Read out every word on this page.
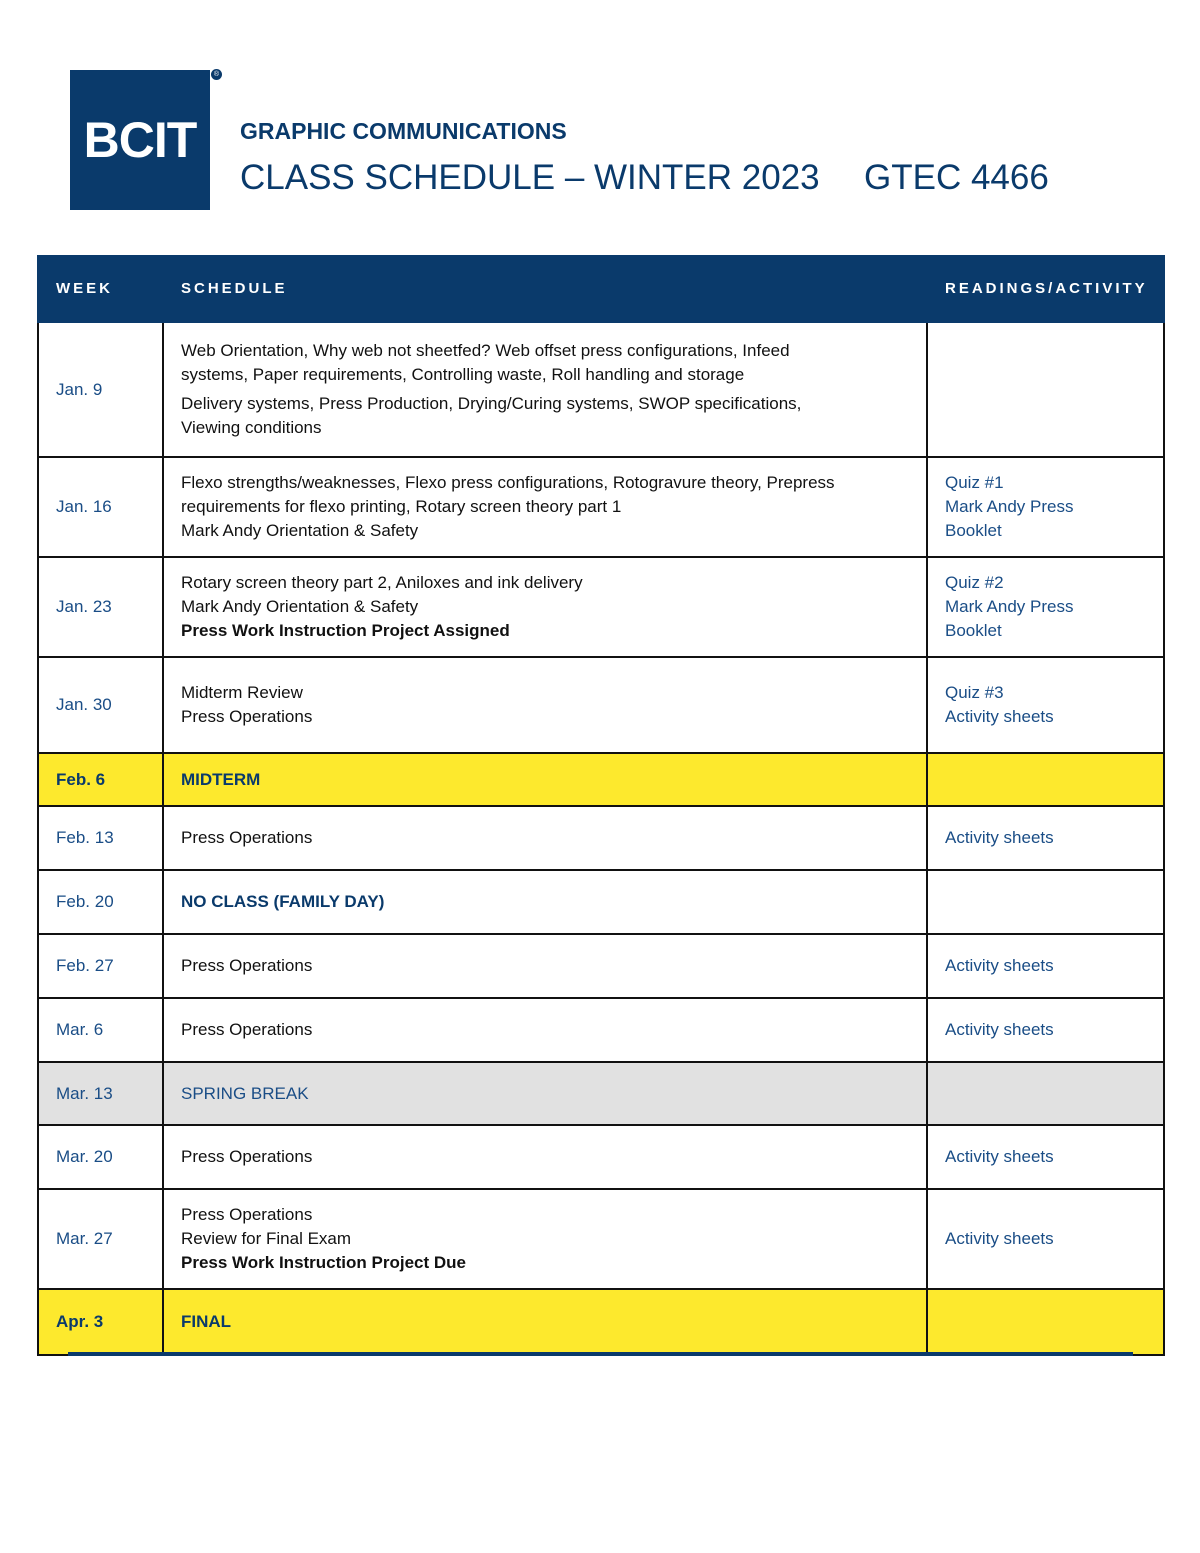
BCIT
®
GRAPHIC COMMUNICATIONS
CLASS SCHEDULE – WINTER 2023 GTEC 4466
WEEK	SCHEDULE	READINGS/ACTIVITY
Jan. 9	Web Orientation, Why web not sheetfed? Web offset press configurations, Infeed
systems, Paper requirements, Controlling waste, Roll handling and storage
Delivery systems, Press Production, Drying/Curing systems, SWOP specifications,
Viewing conditions	

Jan. 16	Flexo strengths/weaknesses, Flexo press configurations, Rotogravure theory, Prepress
requirements for flexo printing, Rotary screen theory part 1
Mark Andy Orientation & Safety	Quiz #1
Mark Andy Press
Booklet

Jan. 23	Rotary screen theory part 2, Aniloxes and ink delivery
Mark Andy Orientation & Safety
Press Work Instruction Project Assigned	Quiz #2
Mark Andy Press
Booklet

Jan. 30	Midterm Review
Press Operations	Quiz #3
Activity sheets

Feb. 6	MIDTERM	
Feb. 13	Press Operations	Activity sheets
Feb. 20	NO CLASS (FAMILY DAY)	
Feb. 27	Press Operations	Activity sheets
Mar. 6	Press Operations	Activity sheets
Mar. 13	SPRING BREAK	
Mar. 20	Press Operations	Activity sheets
Mar. 27	Press Operations
Review for Final Exam
Press Work Instruction Project Due	Activity sheets
Apr. 3	FINAL	
